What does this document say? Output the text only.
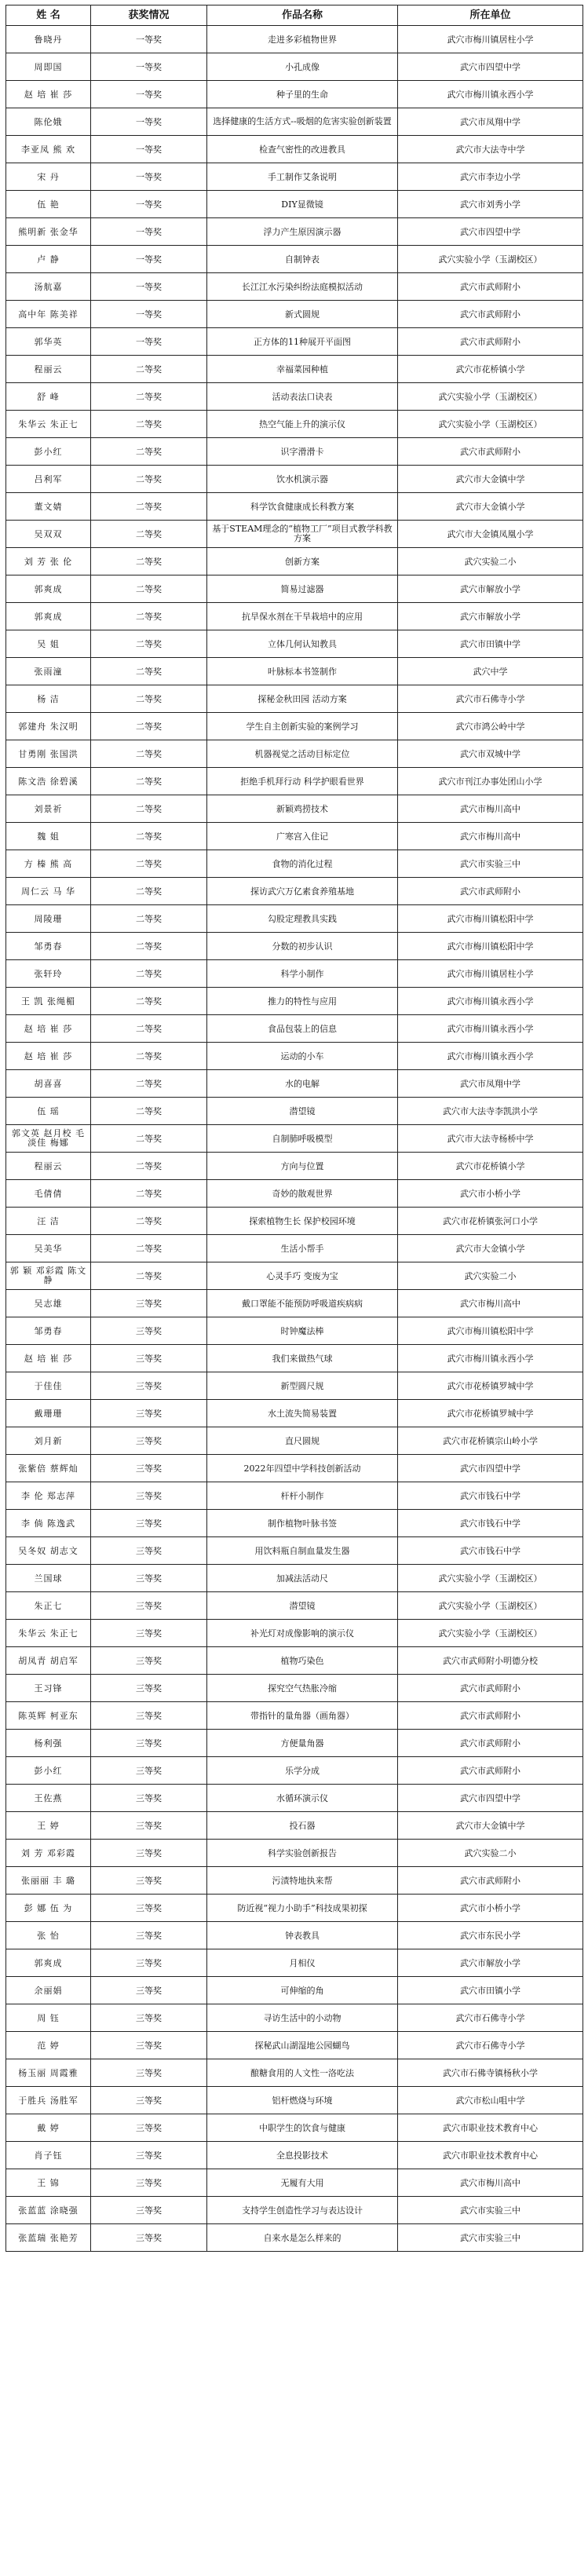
姓 名	获奖情况	作品名称	所在单位
鲁晓丹	一等奖	走进多彩植物世界	武穴市梅川镇居柱小学
周即国	一等奖	小孔成像	武穴市四望中学
赵 培 崔 莎	一等奖	种子里的生命	武穴市梅川镇永西小学
陈伦娥	一等奖	选择健康的生活方式--吸烟的危害实验创新装置	武穴市凤翔中学
李亚凤 熊 欢	一等奖	检查气密性的改进教具	武穴市大法寺中学
宋 丹	一等奖	手工制作艾条说明	武穴市李边小学
伍 艳	一等奖	DIY显微镜	武穴市刘秀小学
熊明新 张金华	一等奖	浮力产生原因演示器	武穴市四望中学
卢 静	一等奖	自制钟表	武穴实验小学（玉湖校区）
汤航嘉	一等奖	长江江水污染纠纷法庭模拟活动	武穴市武师附小
高中年 陈美祥	一等奖	新式圆规	武穴市武师附小
郭华英	一等奖	正方体的11种展开平面图	武穴市武师附小
程丽云	二等奖	幸福菜园种植	武穴市花桥镇小学
舒 峰	二等奖	活动表法口诀表	武穴实验小学（玉湖校区）
朱华云 朱正七	二等奖	热空气能上升的演示仪	武穴实验小学（玉湖校区）
彭小红	二等奖	识字滑滑卡	武穴市武师附小
吕利军	二等奖	饮水机演示器	武穴市大金镇中学
董文婧	二等奖	科学饮食健康成长科教方案	武穴市大金镇小学
吴双双	二等奖	基于STEAM理念的“植物工厂”项目式教学科教方案	武穴市大金镇凤凰小学
刘 芳 张 伦	二等奖	创新方案	武穴实验二小
郭爽成	二等奖	简易过滤器	武穴市解放小学
郭爽成	二等奖	抗旱保水剂在干旱栽培中的应用	武穴市解放小学
吴 姐	二等奖	立体几何认知教具	武穴市田镇中学
张雨潼	二等奖	叶脉标本书签制作	武穴中学
杨 洁	二等奖	探秘金秋田园 活动方案	武穴市石佛寺小学
郭建舟 朱汉明	二等奖	学生自主创新实验的案例学习	武穴市鸿公岭中学
甘勇刚 张国洪	二等奖	机器视觉之活动目标定位	武穴市双城中学
陈文浩 徐碧溪	二等奖	拒绝手机拜行动 科学护眼看世界	武穴市刊江办事处团山小学
刘景祈	二等奖	新颖鸡捞技术	武穴市梅川高中
魏 姐	二等奖	广寒宫入住记	武穴市梅川高中
方 榛 熊 高	二等奖	食物的消化过程	武穴市实验三中
周仁云 马 华	二等奖	探访武穴万亿素食养殖基地	武穴市武师附小
周陵珊	二等奖	勾股定理教具实践	武穴市梅川镇松阳中学
邹勇春	二等奖	分数的初步认识	武穴市梅川镇松阳中学
张轩玲	二等奖	科学小制作	武穴市梅川镇居柱小学
王 凯 张绳楣	二等奖	推力的特性与应用	武穴市梅川镇永西小学
赵 培 崔 莎	二等奖	食品包装上的信息	武穴市梅川镇永西小学
赵 培 崔 莎	二等奖	运动的小车	武穴市梅川镇永西小学
胡喜喜	二等奖	水的电解	武穴市凤翔中学
伍 瑶	二等奖	潜望镜	武穴市大法寺李凯洪小学
郭文英 赵月校 毛淡佳 梅娜	二等奖	自制肺呼吸模型	武穴市大法寺杨桥中学
程丽云	二等奖	方向与位置	武穴市花桥镇小学
毛倩倩	二等奖	奇妙的散观世界	武穴市小桥小学
汪 洁	二等奖	探索植物生长 保护校园环境	武穴市花桥镇张河口小学
吴美华	二等奖	生活小帮手	武穴市大金镇小学
郭 颖 邓彩霞 陈文静	二等奖	心灵手巧 变废为宝	武穴实验二小
吴志雄	三等奖	戴口罩能不能预防呼吸道疾病病	武穴市梅川高中
邹勇春	三等奖	时钟魔法棒	武穴市梅川镇松阳中学
赵 培 崔 莎	三等奖	我们来做热气球	武穴市梅川镇永西小学
于佳佳	三等奖	新型圆尺规	武穴市花桥镇罗城中学
戴珊珊	三等奖	水土流失简易装置	武穴市花桥镇罗城中学
刘月新	三等奖	直尺圆规	武穴市花桥镇宗山岭小学
张紫倍 蔡辉灿	三等奖	2022年四望中学科技创新活动	武穴市四望中学
李 伦 郑志萍	三等奖	杆杆小制作	武穴市钱石中学
李 倘 陈逸武	三等奖	制作植物叶脉书签	武穴市钱石中学
吴冬奴 胡志文	三等奖	用饮料瓶自制血量发生器	武穴市钱石中学
兰国球	三等奖	加减法活动尺	武穴实验小学（玉湖校区）
朱正七	三等奖	潜望镜	武穴实验小学（玉湖校区）
朱华云 朱正七	三等奖	补光灯对成像影响的演示仪	武穴实验小学（玉湖校区）
胡凤青 胡启军	三等奖	植物巧染色	武穴市武师附小明德分校
王习锋	三等奖	探究空气热胀冷缩	武穴市武师附小
陈英辉 柯亚东	三等奖	带指针的量角器（画角器）	武穴市武师附小
杨利强	三等奖	方便量角器	武穴市武师附小
彭小红	三等奖	乐学分成	武穴市武师附小
王佐燕	三等奖	水循环演示仪	武穴市四望中学
王 婷	三等奖	投石器	武穴市大金镇中学
刘 芳 邓彩霞	三等奖	科学实验创新报告	武穴实验二小
张丽丽 丰 璐	三等奖	污渍特地执来帮	武穴市武师附小
彭 娜 伍 为	三等奖	防近视“视力小助手”科技成果初探	武穴市小桥小学
张 怡	三等奖	钟表教具	武穴市东民小学
郭爽成	三等奖	月相仪	武穴市解放小学
余丽娟	三等奖	可伸缩的角	武穴市田镇小学
周 钰	三等奖	寻访生活中的小动物	武穴市石佛寺小学
范 婷	三等奖	探秘武山湖湿地公园蝴鸟	武穴市石佛寺小学
杨玉丽 周霞雅	三等奖	酿糖食用的人文性一洛吃法	武穴市石佛寺镇杨秋小学
于胜兵 汤胜军	三等奖	铝杆燃烧与环境	武穴市松山咀中学
戴 婷	三等奖	中职学生的饮食与健康	武穴市职业技术教育中心
肖子钰	三等奖	全息投影技术	武穴市职业技术教育中心
王 锦	三等奖	无履有大用	武穴市梅川高中
张蓝蓝 涂晓强	三等奖	支持学生创造性学习与表达设计	武穴市实验三中
张蓝瑞 张艳芳	三等奖	自来水是怎么样来的	武穴市实验三中
